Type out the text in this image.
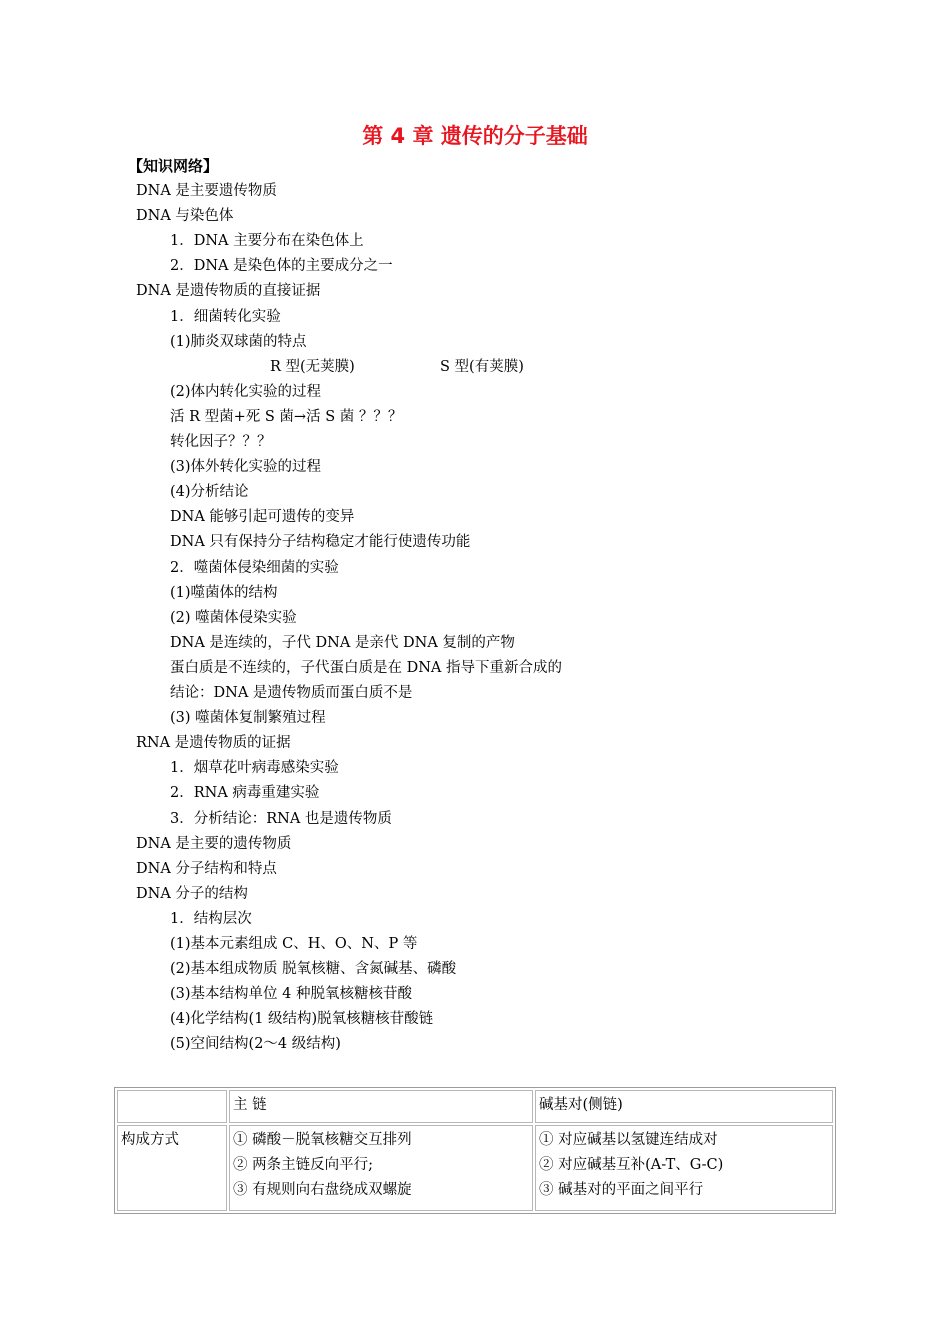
第 4 章 遗传的分子基础
【知识网络】
DNA 是主要遗传物质
DNA 与染色体
1．DNA 主要分布在染色体上
2．DNA 是染色体的主要成分之一
DNA 是遗传物质的直接证据
1．细菌转化实验
(1)肺炎双球菌的特点
R 型(无荚膜)	S 型(有荚膜)
(2)体内转化实验的过程
活 R 型菌+死 S 菌→活 S 菌 ？？？
转化因子？？？
(3)体外转化实验的过程
(4)分析结论
DNA 能够引起可遗传的变异
DNA 只有保持分子结构稳定才能行使遗传功能
2．噬菌体侵染细菌的实验
(1)噬菌体的结构
(2) 噬菌体侵染实验
DNA 是连续的，子代 DNA 是亲代 DNA 复制的产物
蛋白质是不连续的，子代蛋白质是在 DNA 指导下重新合成的
结论：DNA 是遗传物质而蛋白质不是
(3) 噬菌体复制繁殖过程
RNA 是遗传物质的证据
1．烟草花叶病毒感染实验
2．RNA 病毒重建实验
3．分析结论：RNA 也是遗传物质
DNA 是主要的遗传物质
DNA 分子结构和特点
DNA 分子的结构
1．结构层次
(1)基本元素组成 C、H、O、N、P 等
(2)基本组成物质 脱氧核糖、含氮碱基、磷酸
(3)基本结构单位 4 种脱氧核糖核苷酸
(4)化学结构(1 级结构)脱氧核糖核苷酸链
(5)空间结构(2～4 级结构)
	主 链	碱基对(侧链)
构成方式	① 磷酸－脱氧核糖交互排列
② 两条主链反向平行;
③ 有规则向右盘绕成双螺旋	① 对应碱基以氢键连结成对
② 对应碱基互补(A-T、G-C)
③ 碱基对的平面之间平行
